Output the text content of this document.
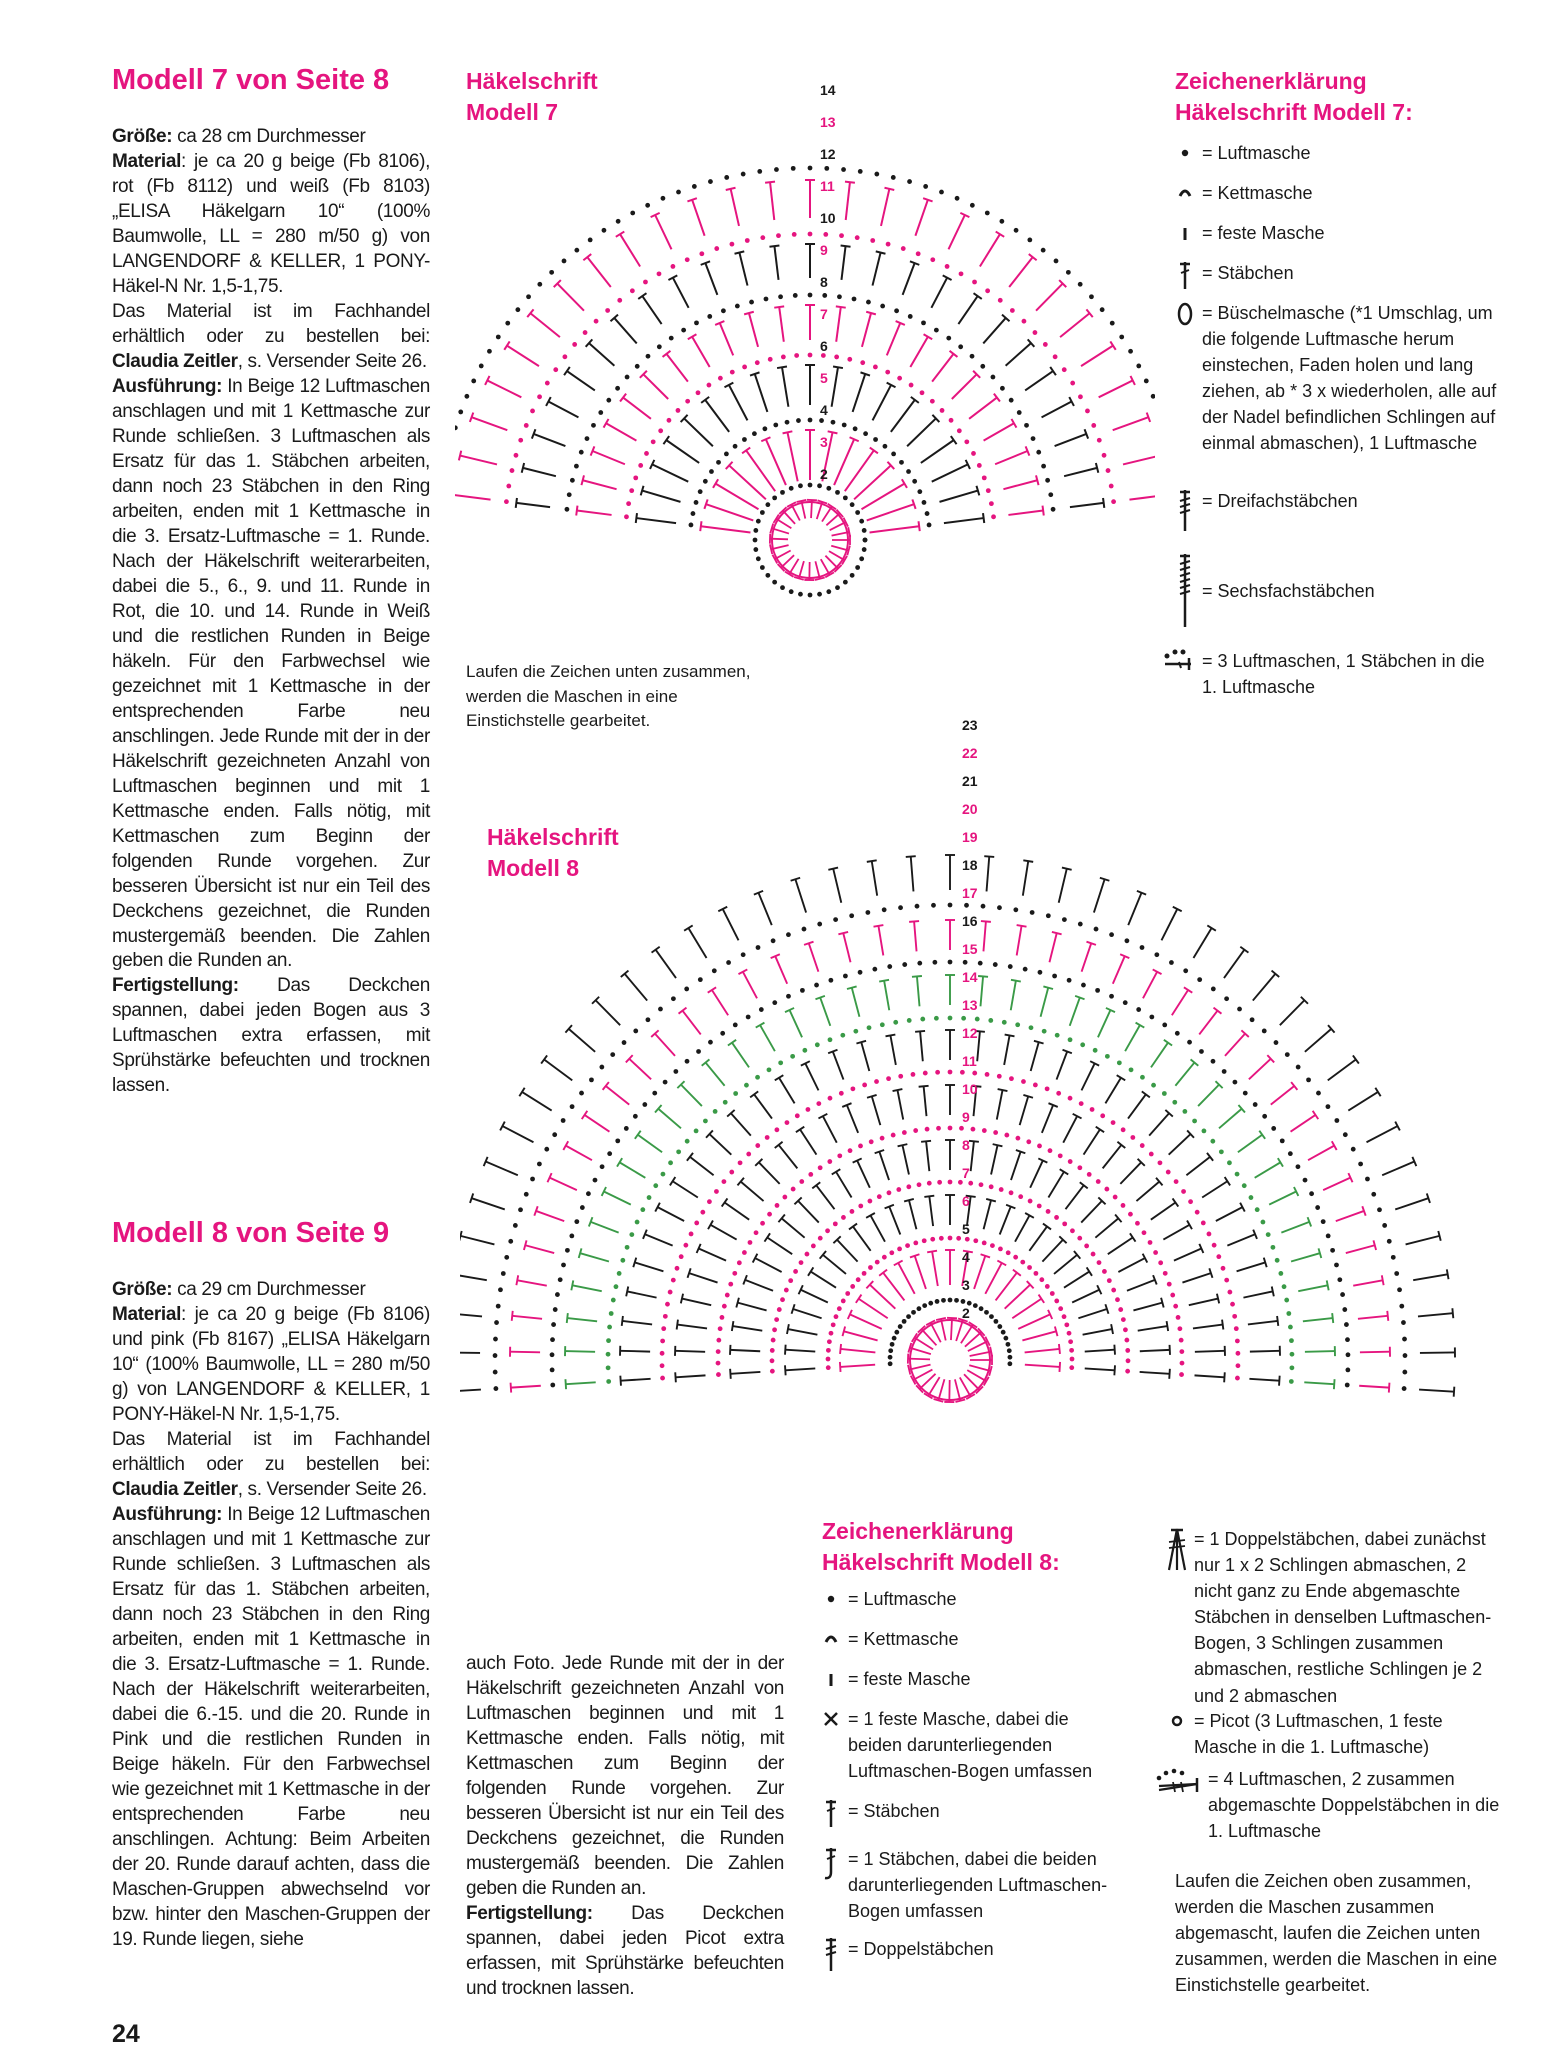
Modell 7 von Seite 8

Größe: ca 28 cm Durchmesser

Material: je ca 20 g beige (Fb 8106), rot (Fb 8112) und weiß (Fb 8103) „ELISA Häkelgarn 10“ (100% Baumwolle, LL = 280 m/50 g) von LANGENDORF & KELLER, 1 PONY-Häkel-N Nr. 1,5-1,75.

Das Material ist im Fachhandel erhältlich oder zu bestellen bei: Claudia Zeitler, s. Versender Seite 26.

Ausführung: In Beige 12 Luftmaschen anschlagen und mit 1 Kettmasche zur Runde schließen. 3 Luftmaschen als Ersatz für das 1. Stäbchen arbeiten, dann noch 23 Stäbchen in den Ring arbeiten, enden mit 1 Kettmasche in die 3. Ersatz-Luftmasche = 1. Runde. Nach der Häkelschrift weiterarbeiten, dabei die 5., 6., 9. und 11. Runde in Rot, die 10. und 14. Runde in Weiß und die restlichen Runden in Beige häkeln. Für den Farbwechsel wie gezeichnet mit 1 Kettmasche in der entsprechenden Farbe neu anschlingen. Jede Runde mit der in der Häkelschrift gezeichneten Anzahl von Luftmaschen beginnen und mit 1 Kettmasche enden. Falls nötig, mit Kettmaschen zum Beginn der folgenden Runde vorgehen. Zur besseren Übersicht ist nur ein Teil des Deckchens gezeichnet, die Runden mustergemäß beenden. Die Zahlen geben die Runden an.

Fertigstellung: Das Deckchen spannen, dabei jeden Bogen aus 3 Luftmaschen extra erfassen, mit Sprühstärke befeuchten und trocknen lassen.

Modell 8 von Seite 9

Größe: ca 29 cm Durchmesser

Material: je ca 20 g beige (Fb 8106) und pink (Fb 8167) „ELISA Häkelgarn 10“ (100% Baumwolle, LL = 280 m/50 g) von LANGENDORF & KELLER, 1 PONY-Häkel-N Nr. 1,5-1,75.

Das Material ist im Fachhandel erhältlich oder zu bestellen bei: Claudia Zeitler, s. Versender Seite 26.

Ausführung: In Beige 12 Luftmaschen anschlagen und mit 1 Kettmasche zur Runde schließen. 3 Luftmaschen als Ersatz für das 1. Stäbchen arbeiten, dann noch 23 Stäbchen in den Ring arbeiten, enden mit 1 Kettmasche in die 3. Ersatz-Luftmasche = 1. Runde. Nach der Häkelschrift weiterarbeiten, dabei die 6.-15. und die 20. Runde in Pink und die restlichen Runden in Beige häkeln. Für den Farbwechsel wie gezeichnet mit 1 Kettmasche in der entsprechenden Farbe neu anschlingen. Achtung: Beim Arbeiten der 20. Runde darauf achten, dass die Maschen-Gruppen abwechselnd vor bzw. hinter den Maschen-Gruppen der 19. Runde liegen, siehe

auch Foto. Jede Runde mit der in der Häkelschrift gezeichneten Anzahl von Luftmaschen beginnen und mit 1 Kettmasche enden. Falls nötig, mit Kettmaschen zum Beginn der folgenden Runde vorgehen. Zur besseren Übersicht ist nur ein Teil des Deckchens gezeichnet, die Runden mustergemäß beenden. Die Zahlen geben die Runden an.

Fertigstellung: Das Deckchen spannen, dabei jeden Picot extra erfassen, mit Sprühstärke befeuchten und trocknen lassen.

24
Häkelschrift
Modell 7
14
13
12
11
10
9
8
7
6
5
4
3
2
Laufen die Zeichen unten zusammen, werden die Maschen in eine Einstichstelle gearbeitet.
Zeichenerklärung
Häkelschrift Modell 7:
= Luftmasche
= Kettmasche
= feste Masche
= Stäbchen
= Büschelmasche (*1 Umschlag, um die folgende Luftmasche herum einstechen, Faden holen und lang ziehen, ab * 3 x wiederholen, alle auf der Nadel befindlichen Schlingen auf einmal abmaschen), 1 Luftmasche
= Dreifachstäbchen
= Sechsfachstäbchen
= 3 Luftmaschen, 1 Stäbchen in die 1. Luftmasche
Häkelschrift
Modell 8
23
22
21
20
19
18
17
16
15
14
13
12
11
10
9
8
7
6
5
4
3
2
Zeichenerklärung
Häkelschrift Modell 8:
= Luftmasche
= Kettmasche
= feste Masche
= 1 feste Masche, dabei die beiden darunterliegenden Luftmaschen-Bogen umfassen
= Stäbchen
= 1 Stäbchen, dabei die beiden darunterliegenden Luftmaschen-Bogen umfassen
= Doppelstäbchen
= 1 Doppelstäbchen, dabei zunächst nur 1 x 2 Schlingen abmaschen, 2 nicht ganz zu Ende abgemaschte Stäbchen in denselben Luftmaschen-Bogen, 3 Schlingen zusammen abmaschen, restliche Schlingen je 2 und 2 abmaschen
= Picot (3 Luftmaschen, 1 feste Masche in die 1. Luftmasche)
= 4 Luftmaschen, 2 zusammen abgemaschte Doppelstäbchen in die 1. Luftmasche
Laufen die Zeichen oben zusammen, werden die Maschen zusammen abgemascht, laufen die Zeichen unten zusammen, werden die Maschen in eine Einstichstelle gearbeitet.
